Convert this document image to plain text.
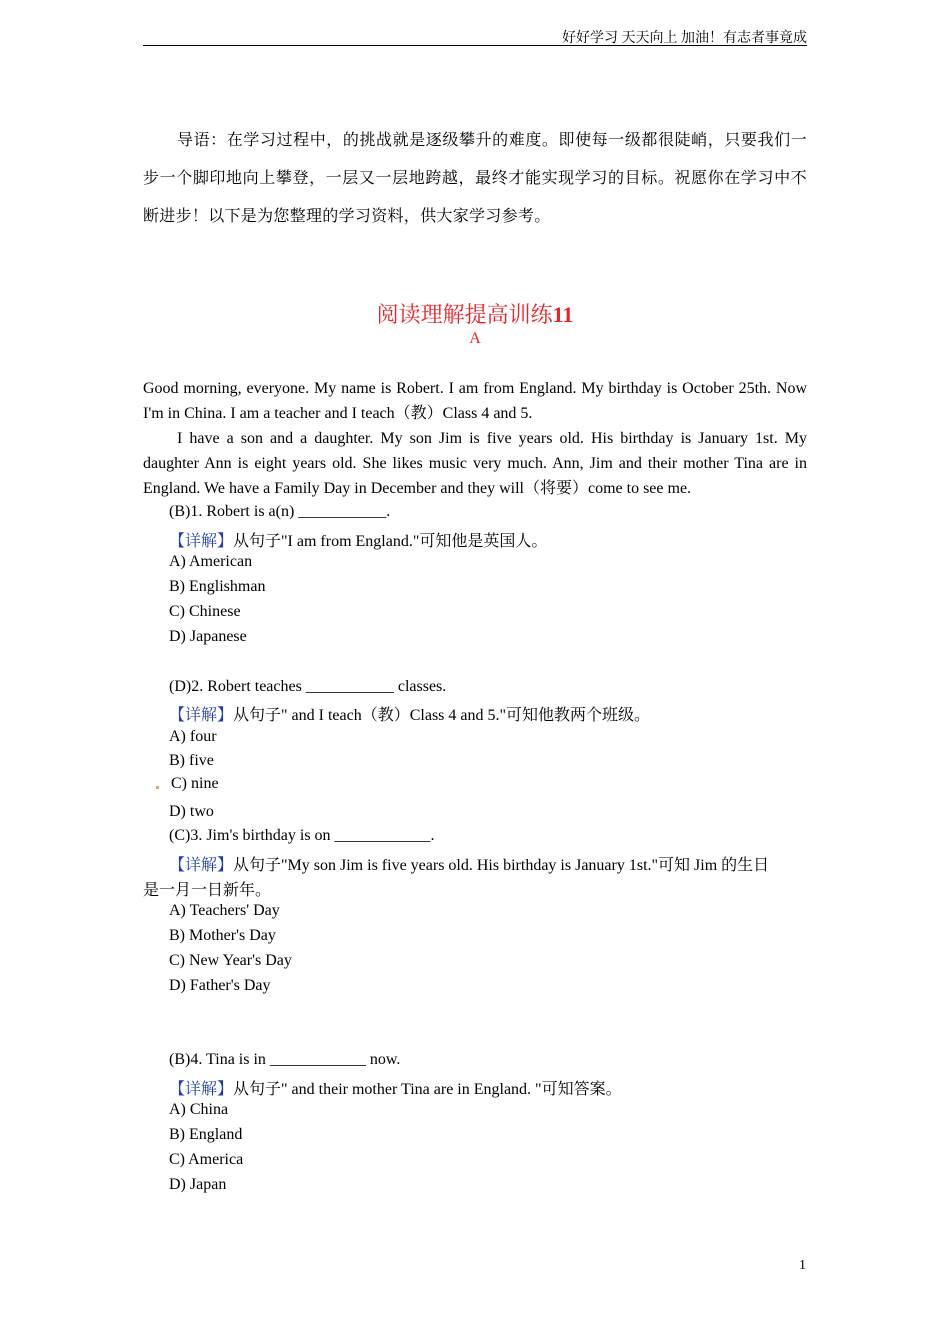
好好学习 天天向上 加油！有志者事竟成

导语：在学习过程中，的挑战就是逐级攀升的难度。即使每一级都很陡峭，只要我们一步一个脚印地向上攀登，一层又一层地跨越，最终才能实现学习的目标。祝愿你在学习中不断进步！以下是为您整理的学习资料，供大家学习参考。

阅读理解提高训练11
A

Good morning, everyone. My name is Robert. I am from England. My birthday is October 25th. Now I'm in China. I am a teacher and I teach（教）Class 4 and 5.

I have a son and a daughter. My son Jim is five years old. His birthday is January 1st. My daughter Ann is eight years old. She likes music very much. Ann, Jim and their mother Tina are in England. We have a Family Day in December and they will（将要）come to see me.

(B)1. Robert is a(n) ___________.
【详解】从句子"I am from England."可知他是英国人。
A) American
B) Englishman
C) Chinese
D) Japanese
(D)2. Robert teaches ___________ classes.
【详解】从句子" and I teach（教）Class 4 and 5."可知他教两个班级。
A) four
B) five
C) nine
D) two
(C)3. Jim's birthday is on ____________.
【详解】从句子"My son Jim is five years old. His birthday is January 1st."可知 Jim 的生日
是一月一日新年。
A) Teachers' Day
B) Mother's Day
C) New Year's Day
D) Father's Day
(B)4. Tina is in ____________ now.
【详解】从句子" and their mother Tina are in England. "可知答案。
A) China
B) England
C) America
D) Japan
1
